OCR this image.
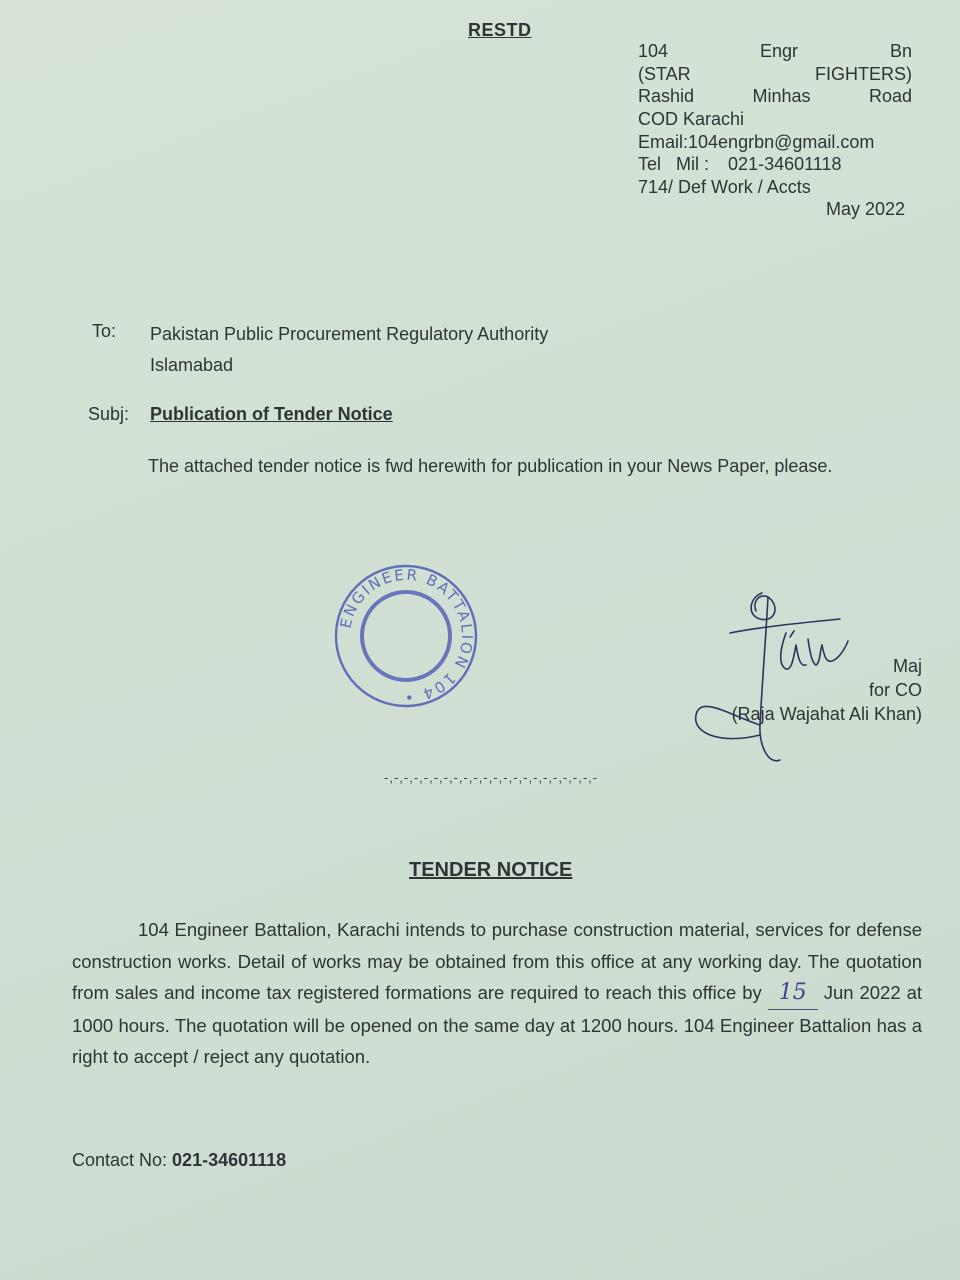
RESTD
104	Engr	Bn
(STAR	FIGHTERS)
Rashid	Minhas	Road
COD Karachi
Email:104engrbn@gmail.com
Tel Mil : 021-34601118
714/ Def Work / Accts
May 2022
To: Pakistan Public Procurement Regulatory Authority
Islamabad
Subj: Publication of Tender Notice
The attached tender notice is fwd herewith for publication in your News Paper, please.
ENGINEER BATTALION 104 •
Maj
for CO
(Raja Wajahat Ali Khan)
-,-,-,-,-,-,-,-,-,-,-,-,-,-,-,-,-,-,-,-,-,-
TENDER NOTICE
104 Engineer Battalion, Karachi intends to purchase construction material, services for defense construction works. Detail of works may be obtained from this office at any working day. The quotation from sales and income tax registered formations are required to reach this office by 15 Jun 2022 at 1000 hours. The quotation will be opened on the same day at 1200 hours. 104 Engineer Battalion has a right to accept / reject any quotation.
Contact No: 021-34601118
